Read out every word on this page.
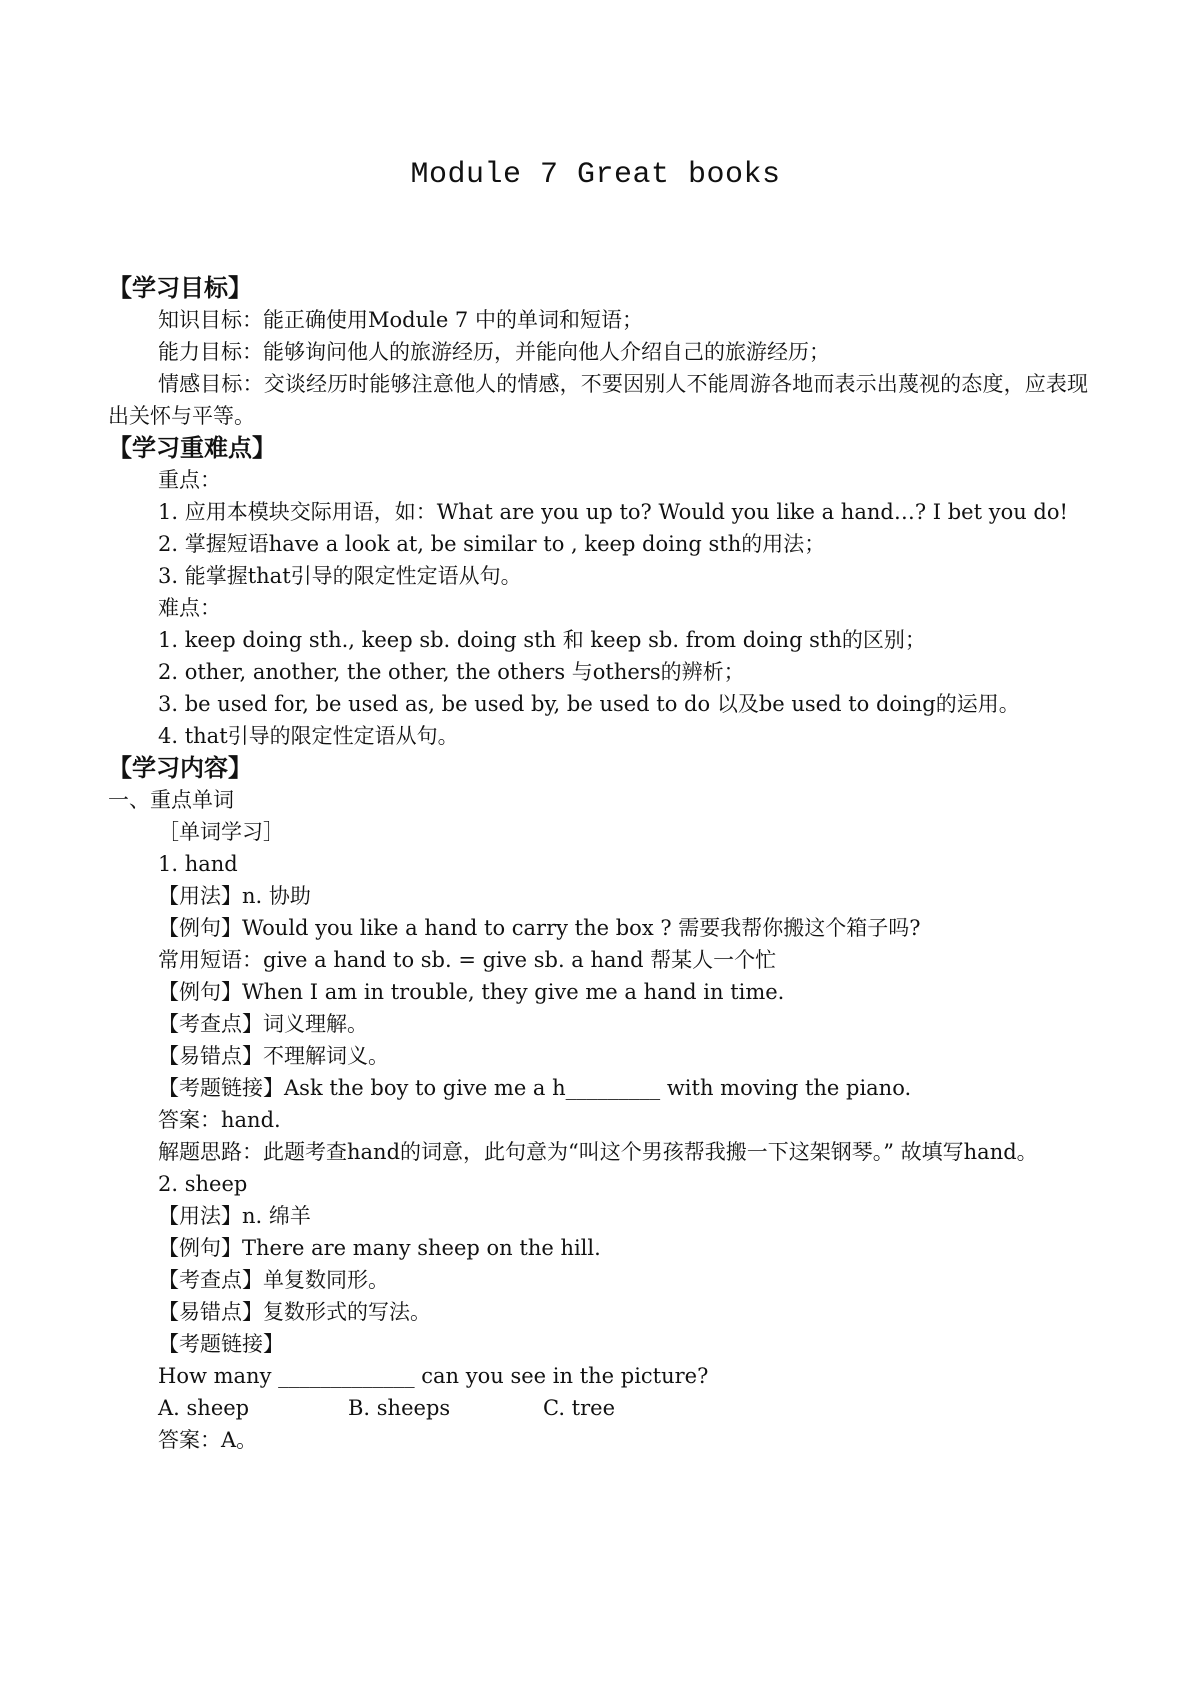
Module 7 Great books
【学习目标】
知识目标：能正确使用Module 7 中的单词和短语；
能力目标：能够询问他人的旅游经历，并能向他人介绍自己的旅游经历；
情感目标：交谈经历时能够注意他人的情感，不要因别人不能周游各地而表示出蔑视的态度，应表现出关怀与平等。
【学习重难点】
重点：
1. 应用本模块交际用语，如：What are you up to? Would you like a hand…? I bet you do!
2. 掌握短语have a look at, be similar to , keep doing sth的用法；
3. 能掌握that引导的限定性定语从句。
难点：
1. keep doing sth., keep sb. doing sth 和 keep sb. from doing sth的区别；
2. other, another, the other, the others 与others的辨析；
3. be used for, be used as, be used by, be used to do 以及be used to doing的运用。
4. that引导的限定性定语从句。
【学习内容】
一、重点单词
［单词学习］
1. hand
【用法】n. 协助
【例句】Would you like a hand to carry the box ? 需要我帮你搬这个箱子吗?
常用短语：give a hand to sb. = give sb. a hand 帮某人一个忙
【例句】When I am in trouble, they give me a hand in time.
【考查点】词义理解。
【易错点】不理解词义。
【考题链接】Ask the boy to give me a h_________ with moving the piano.
答案：hand.
解题思路：此题考查hand的词意，此句意为“叫这个男孩帮我搬一下这架钢琴。” 故填写hand。
2. sheep
【用法】n. 绵羊
【例句】There are many sheep on the hill.
【考查点】单复数同形。
【易错点】复数形式的写法。
【考题链接】
How many _____________ can you see in the picture?
A. sheep	B. sheeps	C. tree
答案：A。
